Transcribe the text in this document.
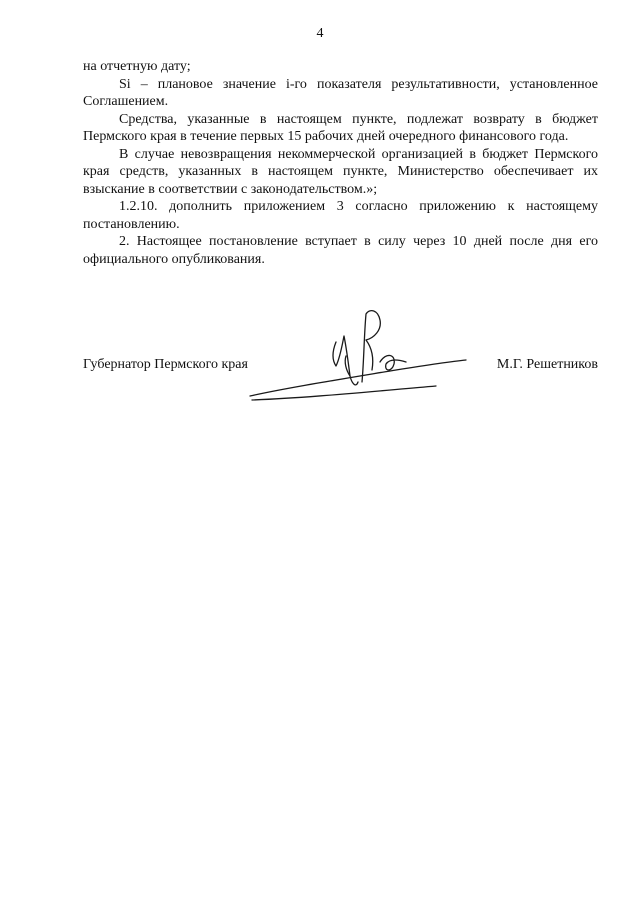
4

на отчетную дату;

Si – плановое значение i-го показателя результативности, установленное Соглашением.

Средства, указанные в настоящем пункте, подлежат возврату в бюджет Пермского края в течение первых 15 рабочих дней очередного финансового года.

В случае невозвращения некоммерческой организацией в бюджет Пермского края средств, указанных в настоящем пункте, Министерство обеспечивает их взыскание в соответствии с законодательством.»;

1.2.10. дополнить приложением 3 согласно приложению к настоящему постановлению.

2. Настоящее постановление вступает в силу через 10 дней после дня его официального опубликования.

Губернатор Пермского края	М.Г. Решетников
